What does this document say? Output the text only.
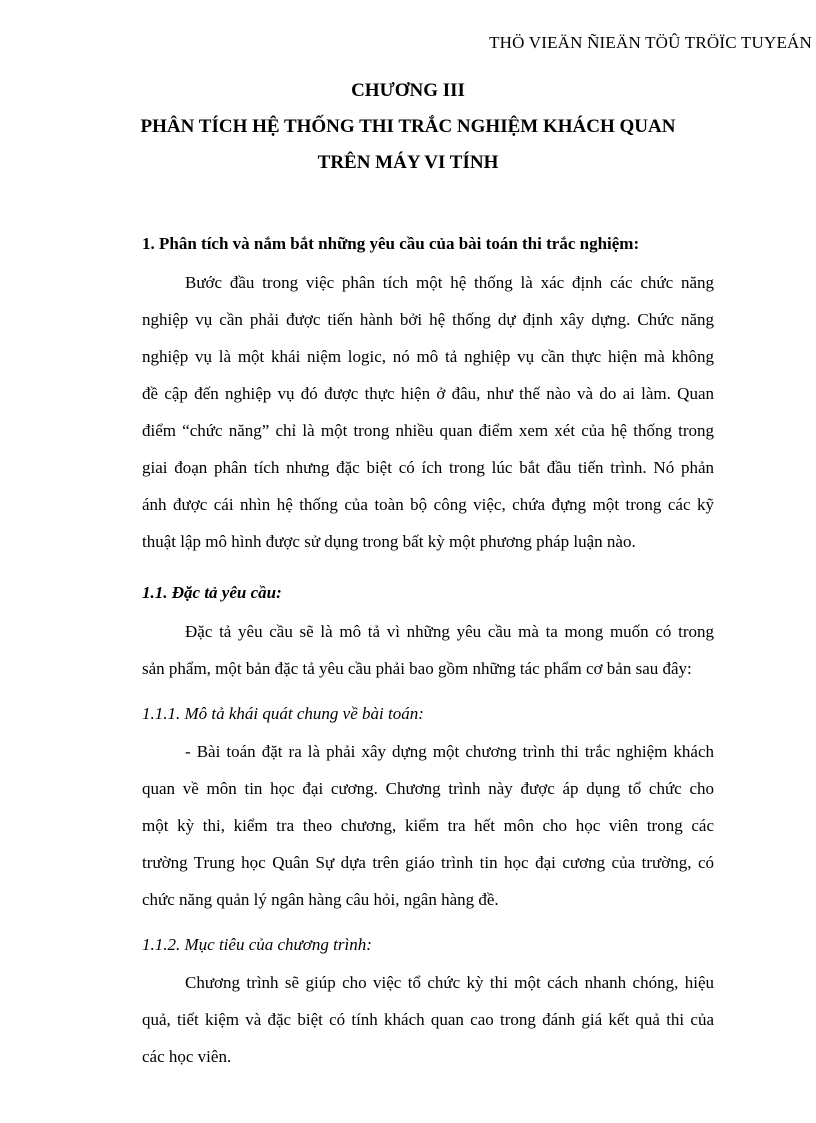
THÖ VIEÄN ÑIEÄN TÖÛ TRÖÏC TUYEÁN
CHƯƠNG III
PHÂN TÍCH HỆ THỐNG THI TRẮC NGHIỆM KHÁCH QUAN
TRÊN MÁY VI TÍNH
1. Phân tích và nắm bắt những yêu cầu của bài toán thi trắc nghiệm:
Bước đầu trong việc phân tích một hệ thống là xác định các chức năng
nghiệp vụ cần phải được tiến hành bởi hệ thống dự định xây dựng. Chức năng
nghiệp vụ là một khái niệm logic, nó mô tả nghiệp vụ cần thực hiện mà không
đề cập đến nghiệp vụ đó được thực hiện ở đâu, như thế nào và do ai làm. Quan
điểm “chức năng” chỉ là một trong nhiều quan điểm xem xét của hệ thống trong
giai đoạn phân tích nhưng đặc biệt có ích trong lúc bắt đầu tiến trình. Nó phản
ánh được cái nhìn hệ thống của toàn bộ công việc, chứa đựng một trong các kỹ
thuật lập mô hình được sử dụng trong bất kỳ một phương pháp luận nào.
1.1. Đặc tả yêu cầu:
Đặc tả yêu cầu sẽ là mô tả vì những yêu cầu mà ta mong muốn có trong
sản phẩm, một bản đặc tả yêu cầu phải bao gồm những tác phẩm cơ bản sau đây:
1.1.1. Mô tả khái quát chung về bài toán:
- Bài toán đặt ra là phải xây dựng một chương trình thi trắc nghiệm khách
quan về môn tin học đại cương. Chương trình này được áp dụng tổ chức cho
một kỳ thi, kiểm tra theo chương, kiểm tra hết môn cho học viên trong các
trường Trung học Quân Sự dựa trên giáo trình tin học đại cương của trường, có
chức năng quản lý ngân hàng câu hỏi, ngân hàng đề.
1.1.2. Mục tiêu của chương trình:
Chương trình sẽ giúp cho việc tổ chức kỳ thi một cách nhanh chóng, hiệu
quả, tiết kiệm và đặc biệt có tính khách quan cao trong đánh giá kết quả thi của
các học viên.
